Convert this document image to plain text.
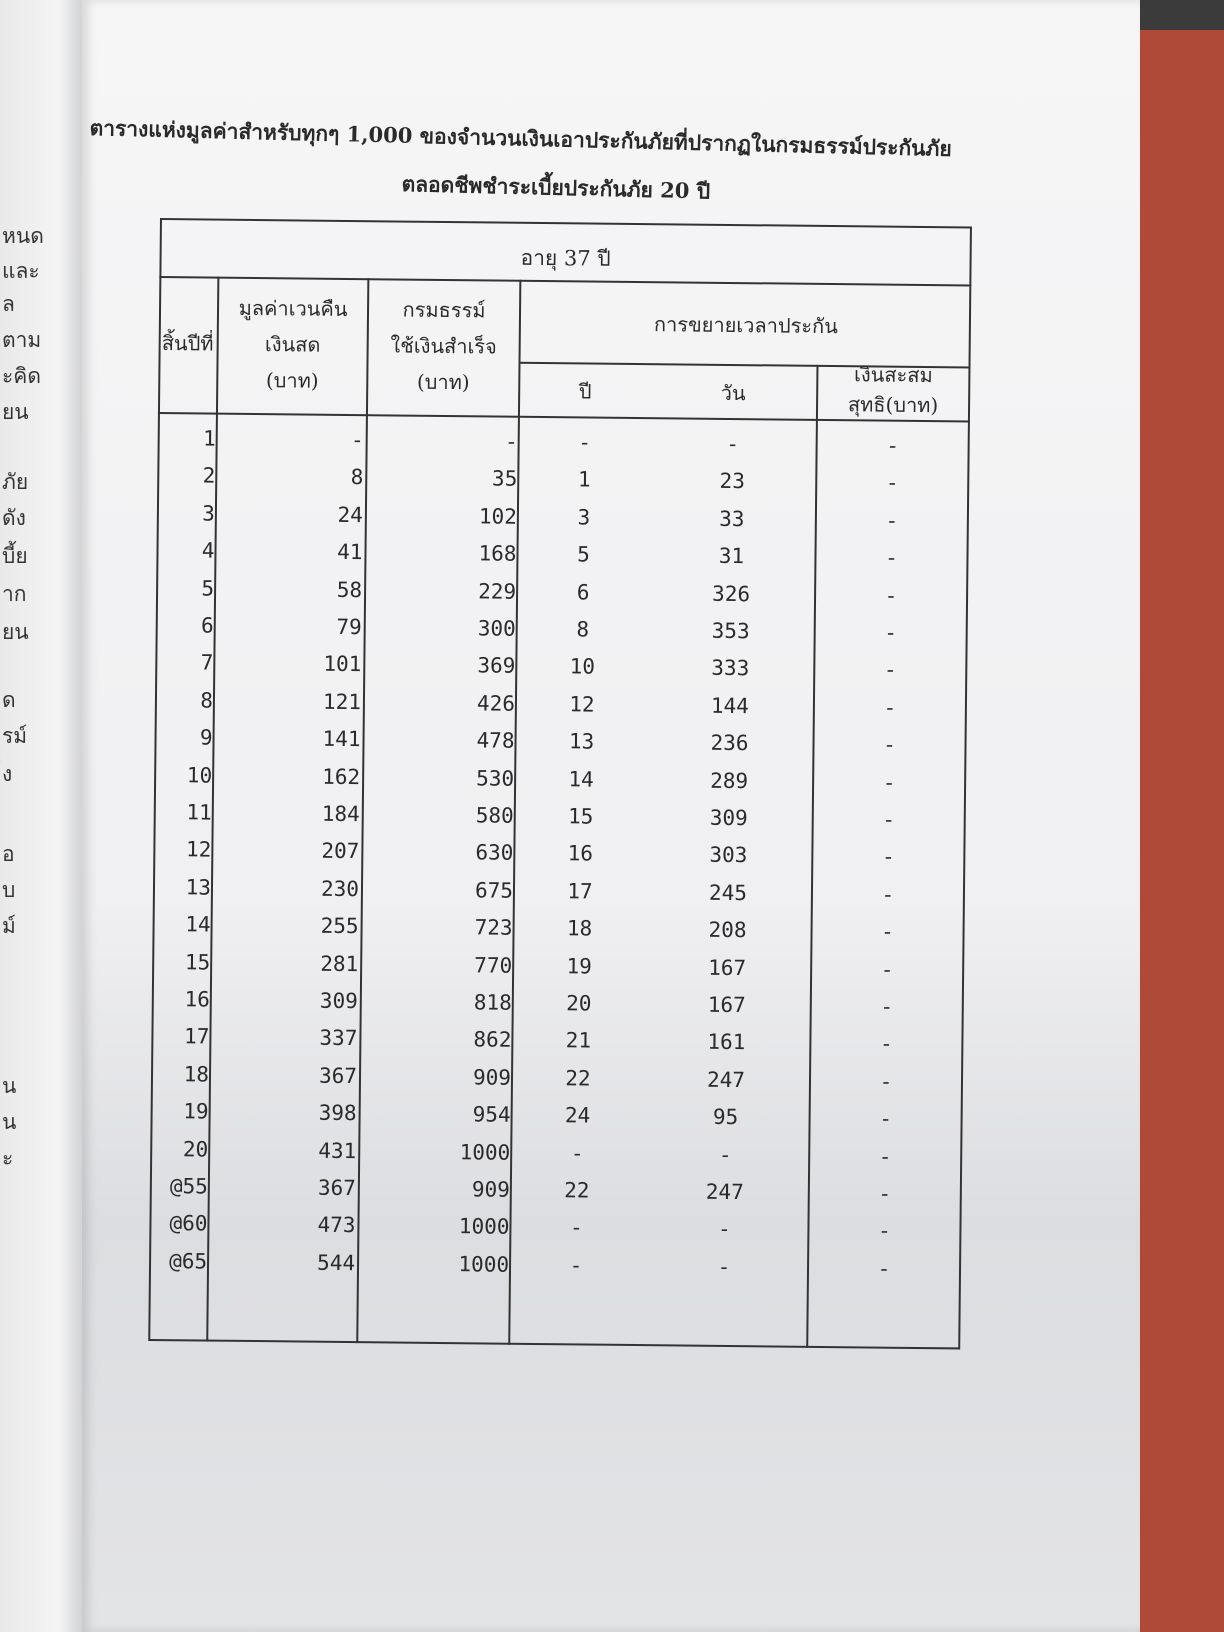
หนด
และ
ล
ตาม
ะคิด
ยน
ภัย
ดัง
บี้ย
าก
ยน
ิด
รม์
่ง
อ
บ
ม์
น
น
ะ
ตารางแห่งมูลค่าสำหรับทุกๆ 1,000 ของจำนวนเงินเอาประกันภัยที่ปรากฏในกรมธรรม์ประกันภัย
ตลอดชีพชำระเบี้ยประกันภัย 20 ปี
อายุ 37 ปี
สิ้นปีที่
มูลค่าเวนคืน
เงินสด
(บาท)
กรมธรรม์
ใช้เงินสำเร็จ
(บาท)
การขยายเวลาประกัน
ปี	วัน
เงินสะสม
สุทธิ(บาท)
1	-	-	-	-	-
2	8	35	1	23	-
3	24	102	3	33	-
4	41	168	5	31	-
5	58	229	6	326	-
6	79	300	8	353	-
7	101	369	10	333	-
8	121	426	12	144	-
9	141	478	13	236	-
10	162	530	14	289	-
11	184	580	15	309	-
12	207	630	16	303	-
13	230	675	17	245	-
14	255	723	18	208	-
15	281	770	19	167	-
16	309	818	20	167	-
17	337	862	21	161	-
18	367	909	22	247	-
19	398	954	24	95	-
20	431	1000	-	-	-
@55	367	909	22	247	-
@60	473	1000	-	-	-
@65	544	1000	-	-	-
